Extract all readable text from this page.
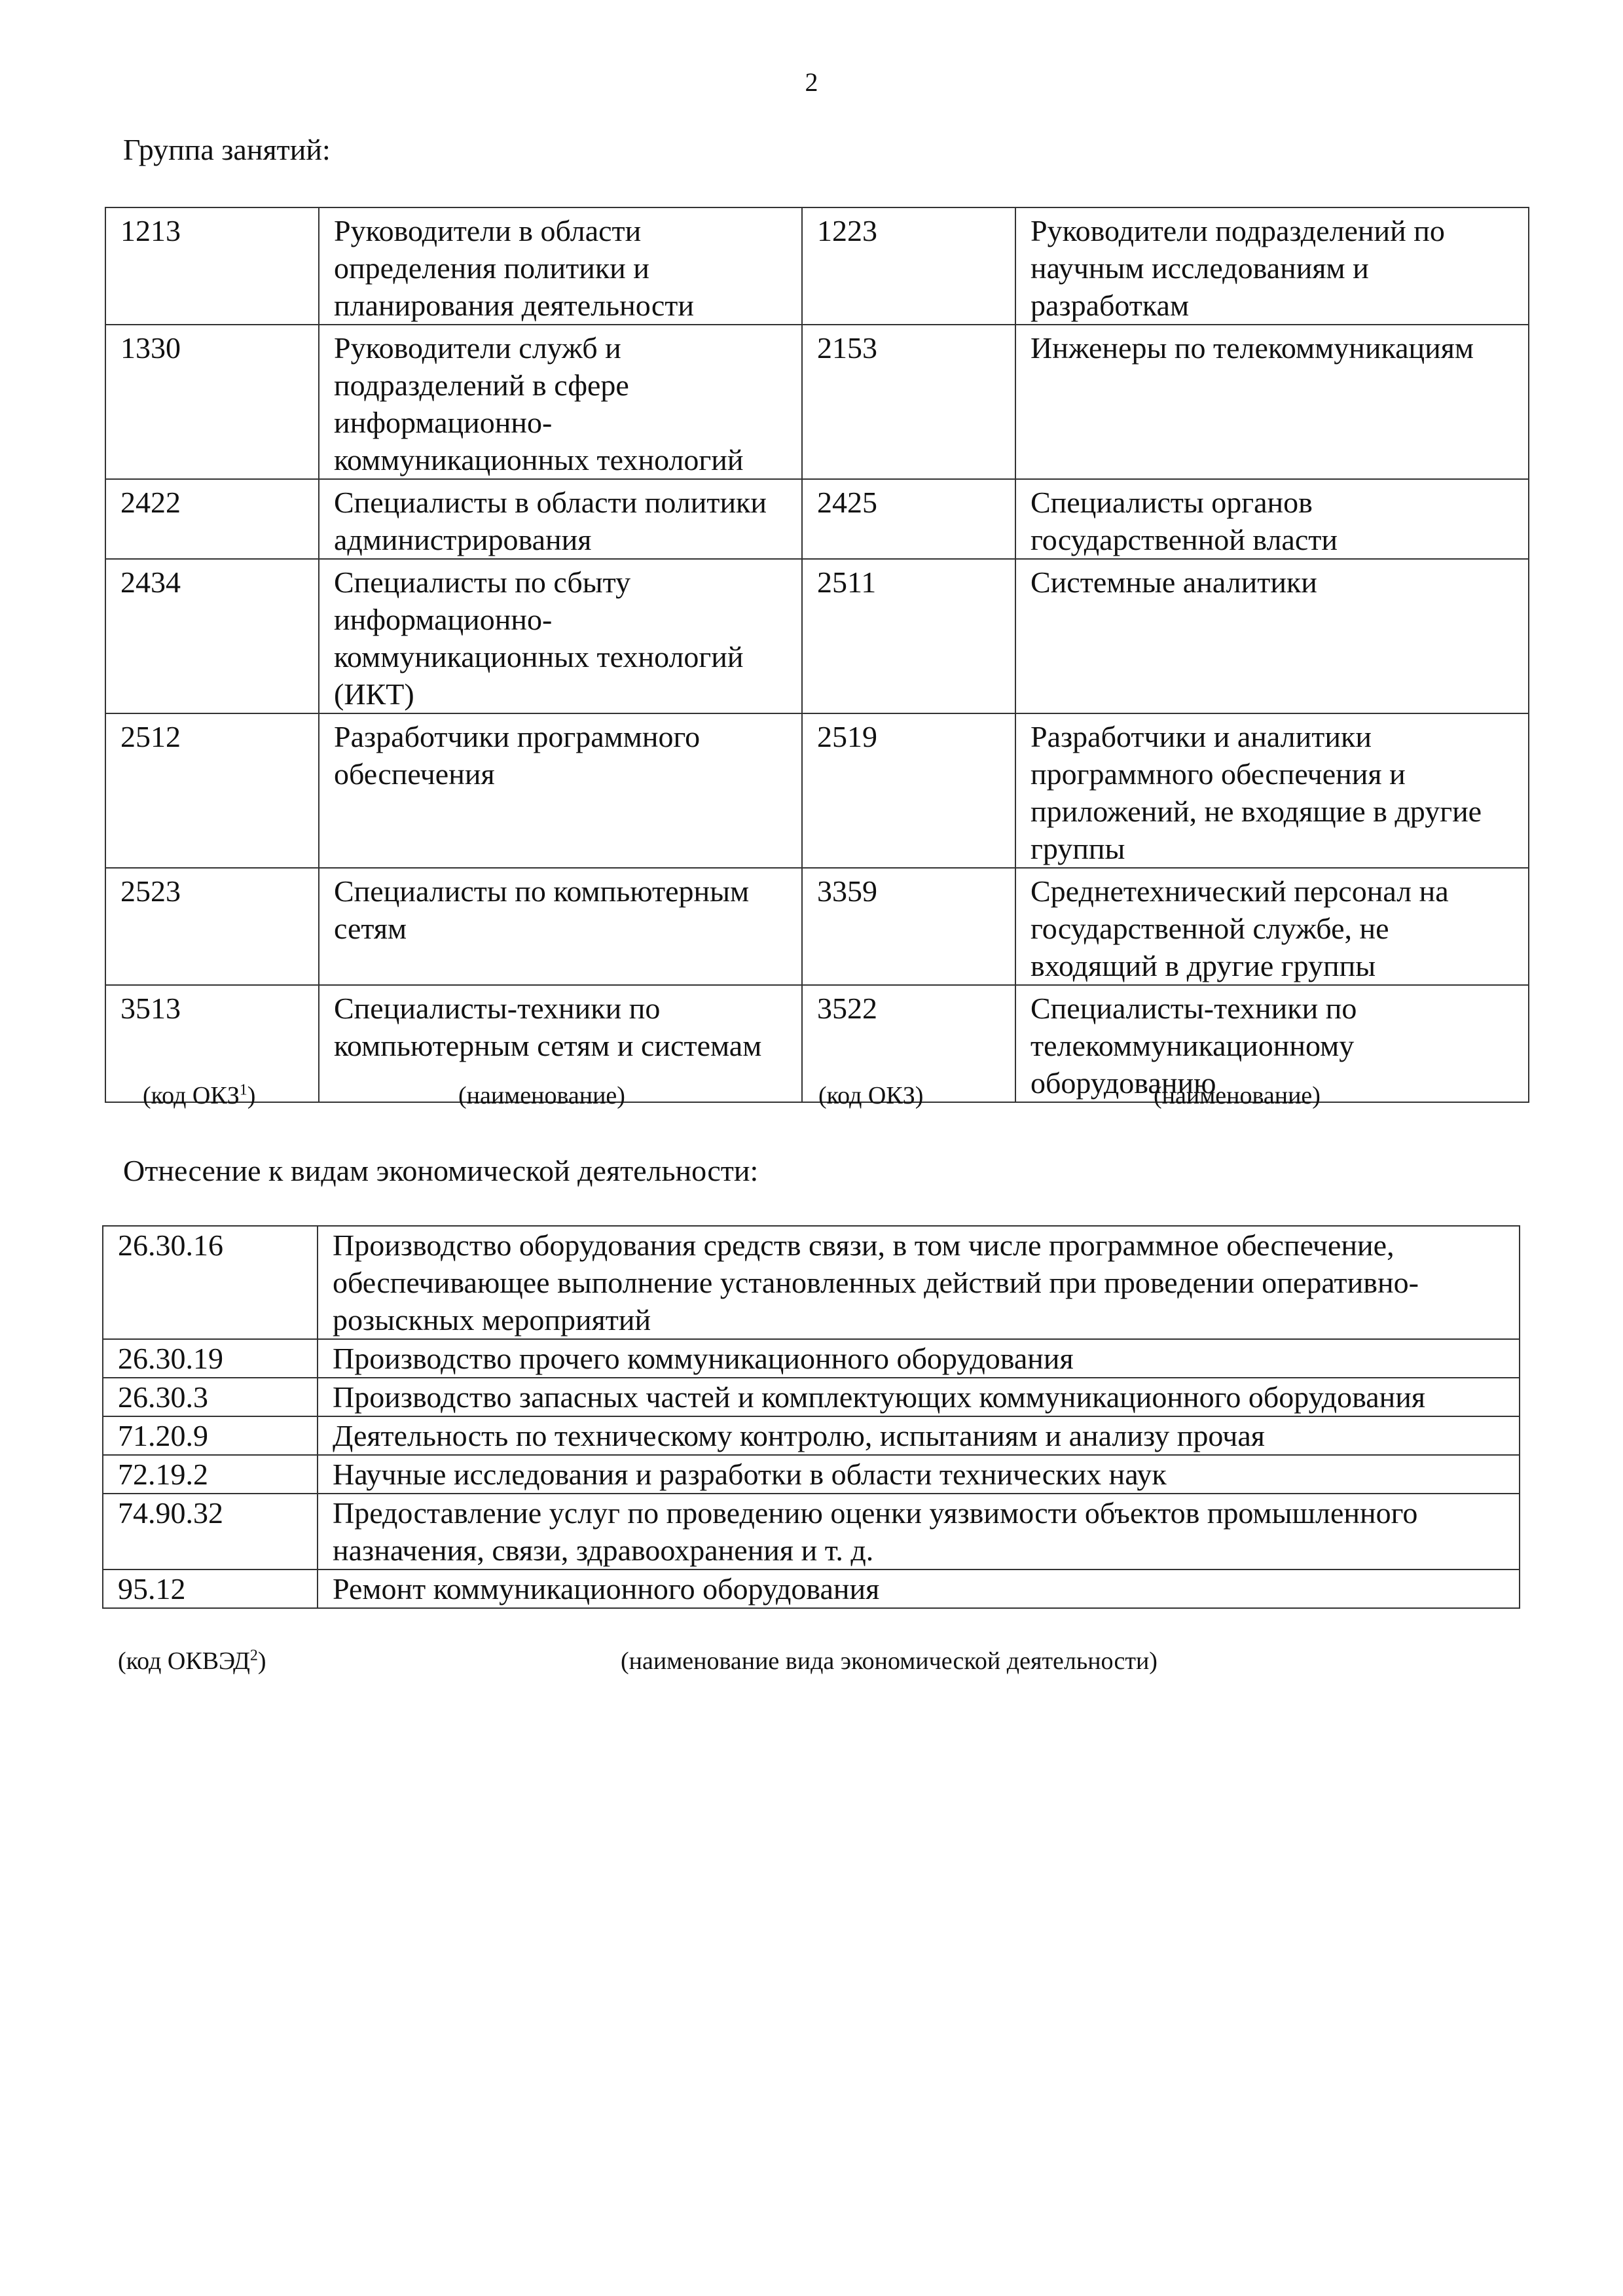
2
Группа занятий:
1213	Руководители в области определения политики и планирования деятельности	1223	Руководители подразделений по научным исследованиям и разработкам
1330	Руководители служб и подразделений в сфере информационно-коммуникационных технологий	2153	Инженеры по телекоммуникациям
2422	Специалисты в области политики администрирования	2425	Специалисты органов государственной власти
2434	Специалисты по сбыту информационно-коммуникационных технологий (ИКТ)	2511	Системные аналитики
2512	Разработчики программного обеспечения	2519	Разработчики и аналитики программного обеспечения и приложений, не входящие в другие группы
2523	Специалисты по компьютерным сетям	3359	Среднетехнический персонал на государственной службе, не входящий в другие группы
3513	Специалисты-техники по компьютерным сетям и системам	3522	Специалисты-техники по телекоммуникационному оборудованию
(код ОКЗ$^1$)	(наименование)	(код ОКЗ)	(наименование)
Отнесение к видам экономической деятельности:
26.30.16	Производство оборудования средств связи, в том числе программное обеспечение, обеспечивающее выполнение установленных действий при проведении оперативно-розыскных мероприятий
26.30.19	Производство прочего коммуникационного оборудования
26.30.3	Производство запасных частей и комплектующих коммуникационного оборудования
71.20.9	Деятельность по техническому контролю, испытаниям и анализу прочая
72.19.2	Научные исследования и разработки в области технических наук
74.90.32	Предоставление услуг по проведению оценки уязвимости объектов промышленного назначения, связи, здравоохранения и т. д.
95.12	Ремонт коммуникационного оборудования
(код ОКВЭД$^2$)	(наименование вида экономической деятельности)
